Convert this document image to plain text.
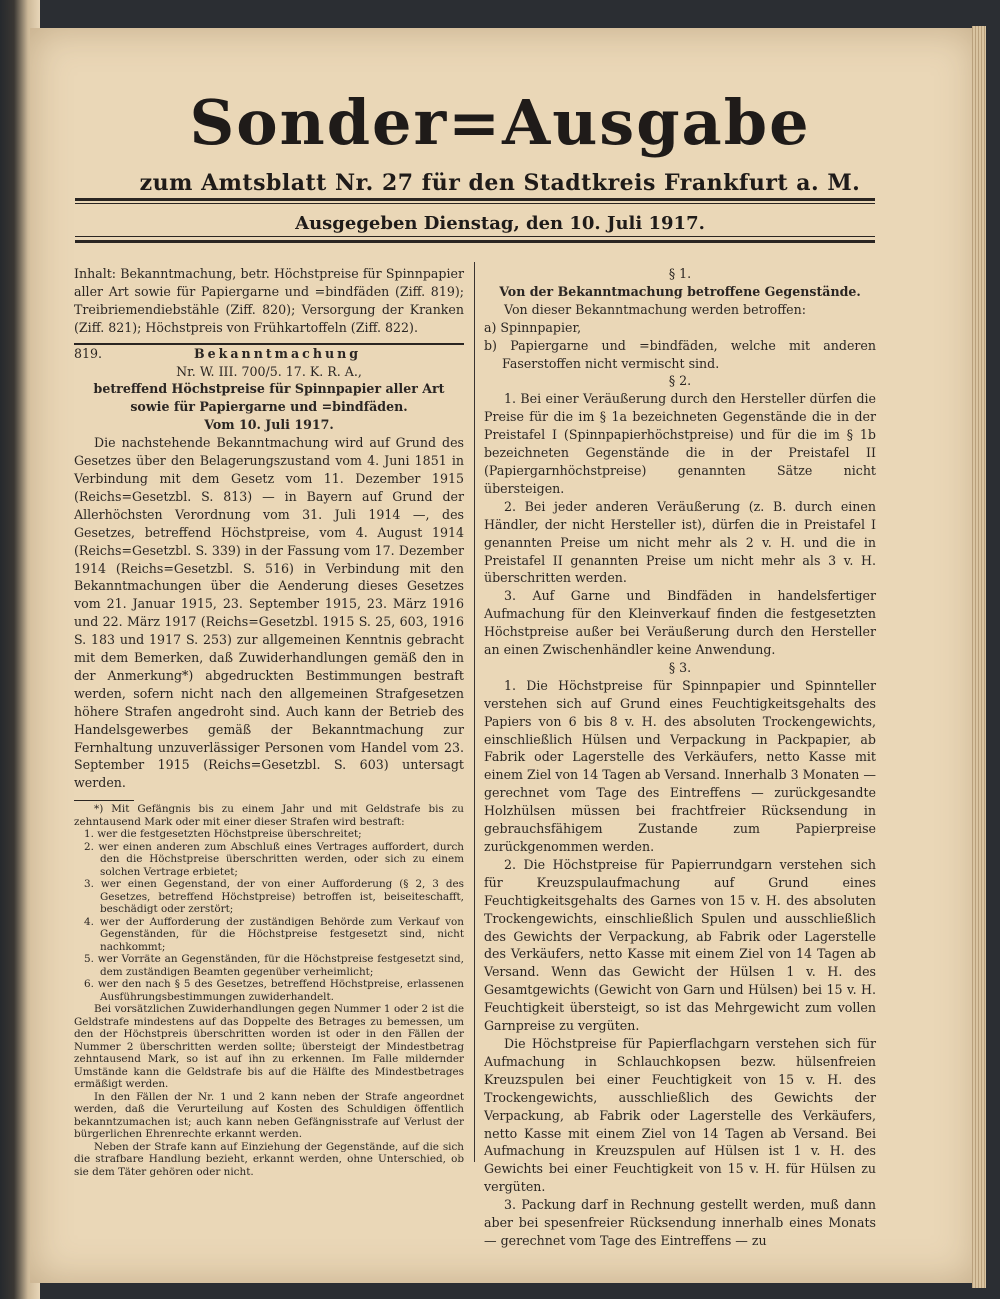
Sonder=Ausgabe
zum Amtsblatt Nr. 27 für den Stadtkreis Frankfurt a. M.
Ausgegeben Dienstag, den 10. Juli 1917.

Inhalt: Bekanntmachung, betr. Höchstpreise für Spinnpapier aller Art sowie für Papiergarne und =bindfäden (Ziff. 819); Treibriemendiebstähle (Ziff. 820); Versorgung der Kranken (Ziff. 821); Höchstpreis von Frühkartoffeln (Ziff. 822).

819.	Bekanntmachung

Nr. W. III. 700/5. 17. K. R. A.,

betreffend Höchstpreise für Spinnpapier aller Art sowie für Papiergarne und =bindfäden.

Vom 10. Juli 1917.

Die nachstehende Bekanntmachung wird auf Grund des Gesetzes über den Belagerungszustand vom 4. Juni 1851 in Verbindung mit dem Gesetz vom 11. Dezember 1915 (Reichs=Gesetzbl. S. 813) — in Bayern auf Grund der Allerhöchsten Verordnung vom 31. Juli 1914 —, des Gesetzes, betreffend Höchstpreise, vom 4. August 1914 (Reichs=Gesetzbl. S. 339) in der Fassung vom 17. Dezember 1914 (Reichs=Gesetzbl. S. 516) in Verbindung mit den Bekanntmachungen über die Aenderung dieses Gesetzes vom 21. Januar 1915, 23. September 1915, 23. März 1916 und 22. März 1917 (Reichs=Gesetzbl. 1915 S. 25, 603, 1916 S. 183 und 1917 S. 253) zur allgemeinen Kenntnis gebracht mit dem Bemerken, daß Zuwiderhandlungen gemäß den in der Anmerkung*) abgedruckten Bestimmungen bestraft werden, sofern nicht nach den allgemeinen Strafgesetzen höhere Strafen angedroht sind. Auch kann der Betrieb des Handelsgewerbes gemäß der Bekanntmachung zur Fernhaltung unzuverlässiger Personen vom Handel vom 23. September 1915 (Reichs=Gesetzbl. S. 603) untersagt werden.

*) Mit Gefängnis bis zu einem Jahr und mit Geldstrafe bis zu zehntausend Mark oder mit einer dieser Strafen wird bestraft:

1. wer die festgesetzten Höchstpreise überschreitet;

2. wer einen anderen zum Abschluß eines Vertrages auffordert, durch den die Höchstpreise überschritten werden, oder sich zu einem solchen Vertrage erbietet;

3. wer einen Gegenstand, der von einer Aufforderung (§ 2, 3 des Gesetzes, betreffend Höchstpreise) betroffen ist, beiseiteschafft, beschädigt oder zerstört;

4. wer der Aufforderung der zuständigen Behörde zum Verkauf von Gegenständen, für die Höchstpreise festgesetzt sind, nicht nachkommt;

5. wer Vorräte an Gegenständen, für die Höchstpreise festgesetzt sind, dem zuständigen Beamten gegenüber verheimlicht;

6. wer den nach § 5 des Gesetzes, betreffend Höchstpreise, erlassenen Ausführungsbestimmungen zuwiderhandelt.

Bei vorsätzlichen Zuwiderhandlungen gegen Nummer 1 oder 2 ist die Geldstrafe mindestens auf das Doppelte des Betrages zu bemessen, um den der Höchstpreis überschritten worden ist oder in den Fällen der Nummer 2 überschritten werden sollte; übersteigt der Mindestbetrag zehntausend Mark, so ist auf ihn zu erkennen. Im Falle mildernder Umstände kann die Geldstrafe bis auf die Hälfte des Mindestbetrages ermäßigt werden.

In den Fällen der Nr. 1 und 2 kann neben der Strafe angeordnet werden, daß die Verurteilung auf Kosten des Schuldigen öffentlich bekanntzumachen ist; auch kann neben Gefängnisstrafe auf Verlust der bürgerlichen Ehrenrechte erkannt werden.

Neben der Strafe kann auf Einziehung der Gegenstände, auf die sich die strafbare Handlung bezieht, erkannt werden, ohne Unterschied, ob sie dem Täter gehören oder nicht.

§ 1.

Von der Bekanntmachung betroffene Gegenstände.

Von dieser Bekanntmachung werden betroffen:

a) Spinnpapier,

b) Papiergarne und =bindfäden, welche mit anderen Faserstoffen nicht vermischt sind.

§ 2.

1. Bei einer Veräußerung durch den Hersteller dürfen die Preise für die im § 1a bezeichneten Gegenstände die in der Preistafel I (Spinnpapierhöchstpreise) und für die im § 1b bezeichneten Gegenstände die in der Preistafel II (Papiergarnhöchstpreise) genannten Sätze nicht übersteigen.

2. Bei jeder anderen Veräußerung (z. B. durch einen Händler, der nicht Hersteller ist), dürfen die in Preistafel I genannten Preise um nicht mehr als 2 v. H. und die in Preistafel II genannten Preise um nicht mehr als 3 v. H. überschritten werden.

3. Auf Garne und Bindfäden in handelsfertiger Aufmachung für den Kleinverkauf finden die festgesetzten Höchstpreise außer bei Veräußerung durch den Hersteller an einen Zwischenhändler keine Anwendung.

§ 3.

1. Die Höchstpreise für Spinnpapier und Spinnteller verstehen sich auf Grund eines Feuchtigkeitsgehalts des Papiers von 6 bis 8 v. H. des absoluten Trockengewichts, einschließlich Hülsen und Verpackung in Packpapier, ab Fabrik oder Lagerstelle des Verkäufers, netto Kasse mit einem Ziel von 14 Tagen ab Versand. Innerhalb 3 Monaten — gerechnet vom Tage des Eintreffens — zurückgesandte Holzhülsen müssen bei frachtfreier Rücksendung in gebrauchsfähigem Zustande zum Papierpreise zurückgenommen werden.

2. Die Höchstpreise für Papierrundgarn verstehen sich für Kreuzspulaufmachung auf Grund eines Feuchtigkeitsgehalts des Garnes von 15 v. H. des absoluten Trockengewichts, einschließlich Spulen und ausschließlich des Gewichts der Verpackung, ab Fabrik oder Lagerstelle des Verkäufers, netto Kasse mit einem Ziel von 14 Tagen ab Versand. Wenn das Gewicht der Hülsen 1 v. H. des Gesamtgewichts (Gewicht von Garn und Hülsen) bei 15 v. H. Feuchtigkeit übersteigt, so ist das Mehrgewicht zum vollen Garnpreise zu vergüten.

Die Höchstpreise für Papierflachgarn verstehen sich für Aufmachung in Schlauchkopsen bezw. hülsenfreien Kreuzspulen bei einer Feuchtigkeit von 15 v. H. des Trockengewichts, ausschließlich des Gewichts der Verpackung, ab Fabrik oder Lagerstelle des Verkäufers, netto Kasse mit einem Ziel von 14 Tagen ab Versand. Bei Aufmachung in Kreuzspulen auf Hülsen ist 1 v. H. des Gewichts bei einer Feuchtigkeit von 15 v. H. für Hülsen zu vergüten.

3. Packung darf in Rechnung gestellt werden, muß dann aber bei spesenfreier Rücksendung innerhalb eines Monats — gerechnet vom Tage des Eintreffens — zu
